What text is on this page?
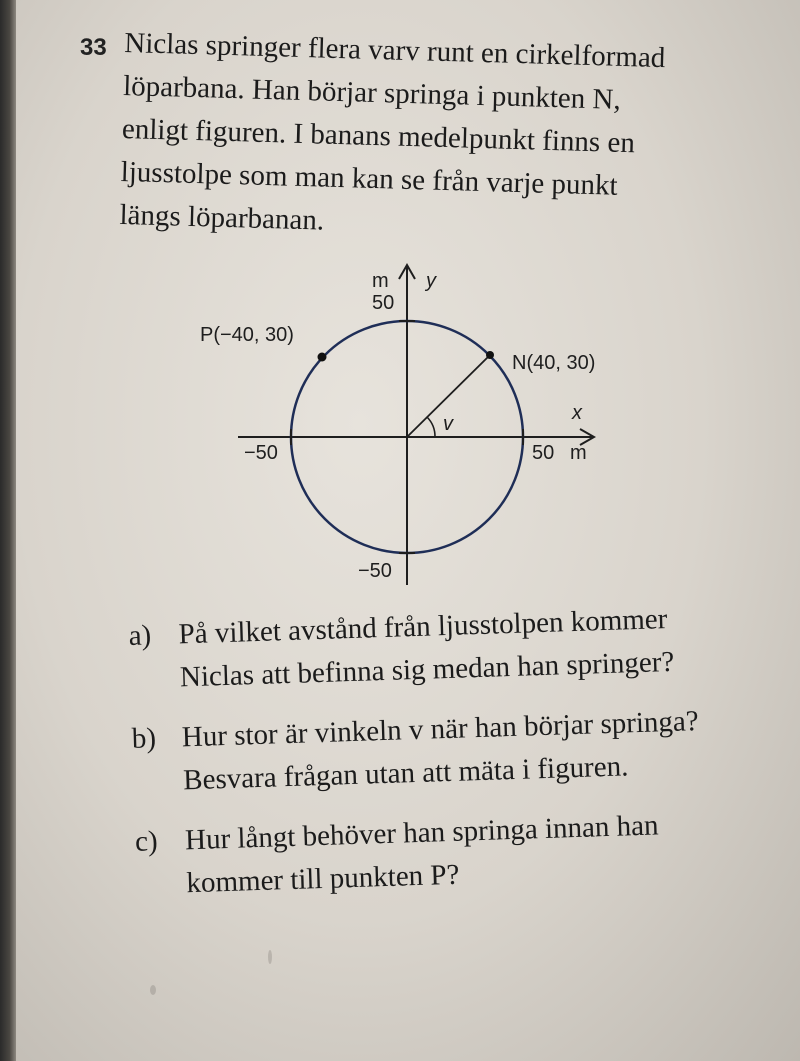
33 Niclas springer flera varv runt en cirkelformad
löparbana. Han börjar springa i punkten N,
enligt figuren. I banans medelpunkt finns en
ljusstolpe som man kan se från varje punkt
längs löparbanan.
m y
50
−50
x
50 m
−50
P(−40, 30)
N(40, 30)
v
a) På vilket avstånd från ljusstolpen kommer
Niclas att befinna sig medan han springer?
b) Hur stor är vinkeln v när han börjar springa?
Besvara frågan utan att mäta i figuren.
c) Hur långt behöver han springa innan han
kommer till punkten P?
